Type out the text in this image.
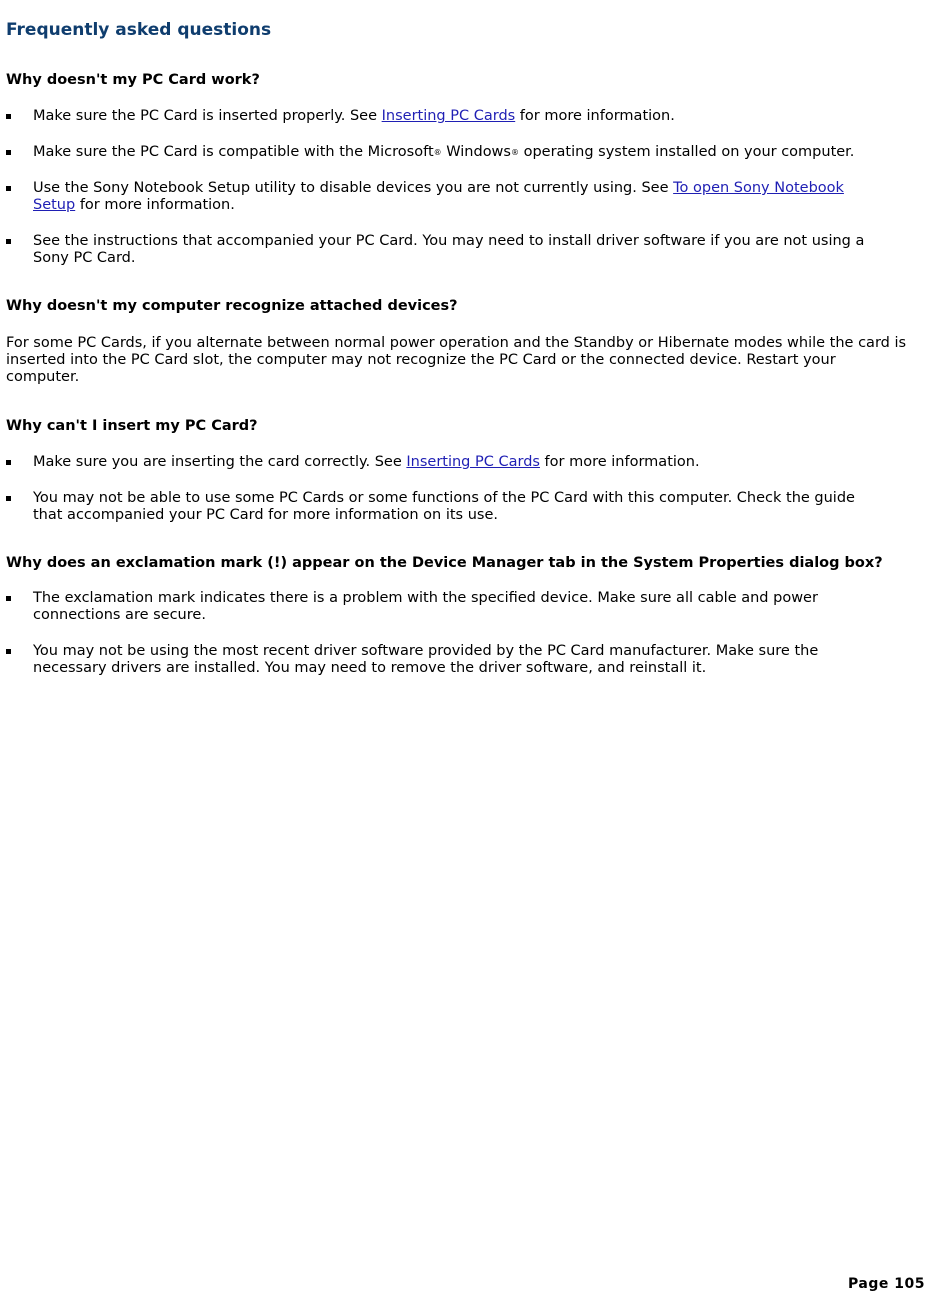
Frequently asked questions
Why doesn't my PC Card work?
Make sure the PC Card is inserted properly. See Inserting PC Cards for more information.
Make sure the PC Card is compatible with the Microsoft® Windows® operating system installed on your computer.
Use the Sony Notebook Setup utility to disable devices you are not currently using. See To open Sony Notebook Setup for more information.
See the instructions that accompanied your PC Card. You may need to install driver software if you are not using a Sony PC Card.
Why doesn't my computer recognize attached devices?

For some PC Cards, if you alternate between normal power operation and the Standby or Hibernate modes while the card is inserted into the PC Card slot, the computer may not recognize the PC Card or the connected device. Restart your computer.

Why can't I insert my PC Card?
Make sure you are inserting the card correctly. See Inserting PC Cards for more information.
You may not be able to use some PC Cards or some functions of the PC Card with this computer. Check the guide that accompanied your PC Card for more information on its use.
Why does an exclamation mark (!) appear on the Device Manager tab in the System Properties dialog box?
The exclamation mark indicates there is a problem with the specified device. Make sure all cable and power connections are secure.
You may not be using the most recent driver software provided by the PC Card manufacturer. Make sure the necessary drivers are installed. You may need to remove the driver software, and reinstall it.
Page 105
